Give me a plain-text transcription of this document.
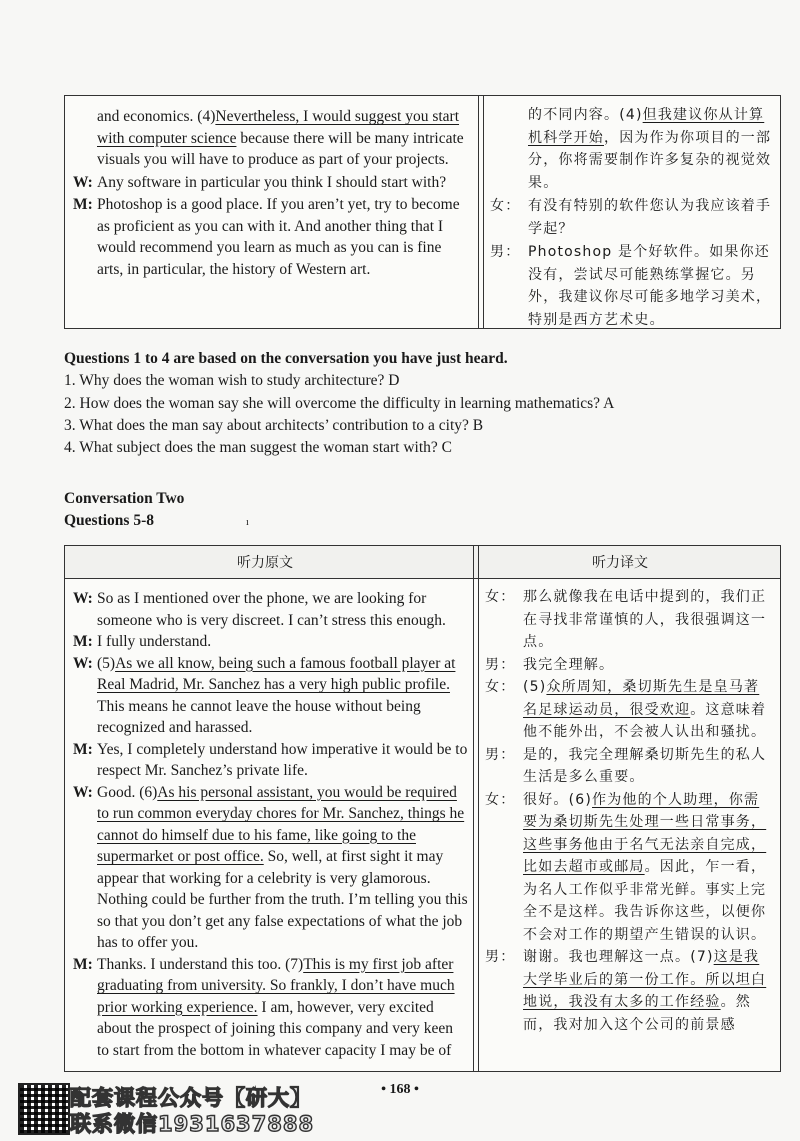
and economics. (4)Nevertheless, I would suggest you start with computer science because there will be many intricate visuals you will have to produce as part of your projects.
W: Any software in particular you think I should start with?
M: Photoshop is a good place. If you aren’t yet, try to become as proficient as you can with it. And another thing that I would recommend you learn as much as you can is fine arts, in particular, the history of Western art.
的不同内容。(4)但我建议你从计算机科学开始，因为作为你项目的一部分，你将需要制作许多复杂的视觉效果。
女： 有没有特别的软件您认为我应该着手学起？
男： Photoshop 是个好软件。如果你还没有，尝试尽可能熟练掌握它。另外，我建议你尽可能多地学习美术，特别是西方艺术史。
Questions 1 to 4 are based on the conversation you have just heard.
1. Why does the woman wish to study architecture? D
2. How does the woman say she will overcome the difficulty in learning mathematics? A
3. What does the man say about architects’ contribution to a city? B
4. What subject does the man suggest the woman start with? C
Conversation Two
Questions 5-8	ı
听力原文	听力译文
W: So as I mentioned over the phone, we are looking for someone who is very discreet. I can’t stress this enough.
M: I fully understand.
W: (5)As we all know, being such a famous football player at Real Madrid, Mr. Sanchez has a very high public profile. This means he cannot leave the house without being recognized and harassed.
M: Yes, I completely understand how imperative it would be to respect Mr. Sanchez’s private life.
W: Good. (6)As his personal assistant, you would be required to run common everyday chores for Mr. Sanchez, things he cannot do himself due to his fame, like going to the supermarket or post office. So, well, at first sight it may appear that working for a celebrity is very glamorous. Nothing could be further from the truth. I’m telling you this so that you don’t get any false expectations of what the job has to offer you.
M: Thanks. I understand this too. (7)This is my first job after graduating from university. So frankly, I don’t have much prior working experience. I am, however, very excited about the prospect of joining this company and very keen to start from the bottom in whatever capacity I may be of
女： 那么就像我在电话中提到的，我们正在寻找非常谨慎的人，我很强调这一点。
男： 我完全理解。
女： (5)众所周知，桑切斯先生是皇马著名足球运动员，很受欢迎。这意味着他不能外出，不会被人认出和骚扰。
男： 是的，我完全理解桑切斯先生的私人生活是多么重要。
女： 很好。(6)作为他的个人助理，你需要为桑切斯先生处理一些日常事务，这些事务他由于名气无法亲自完成，比如去超市或邮局。因此，乍一看，为名人工作似乎非常光鲜。事实上完全不是这样。我告诉你这些，以便你不会对工作的期望产生错误的认识。
男： 谢谢。我也理解这一点。(7)这是我大学毕业后的第一份工作。所以坦白地说，我没有太多的工作经验。然而，我对加入这个公司的前景感
• 168 •
配套课程公众号【研大】
联系微信1931637888
